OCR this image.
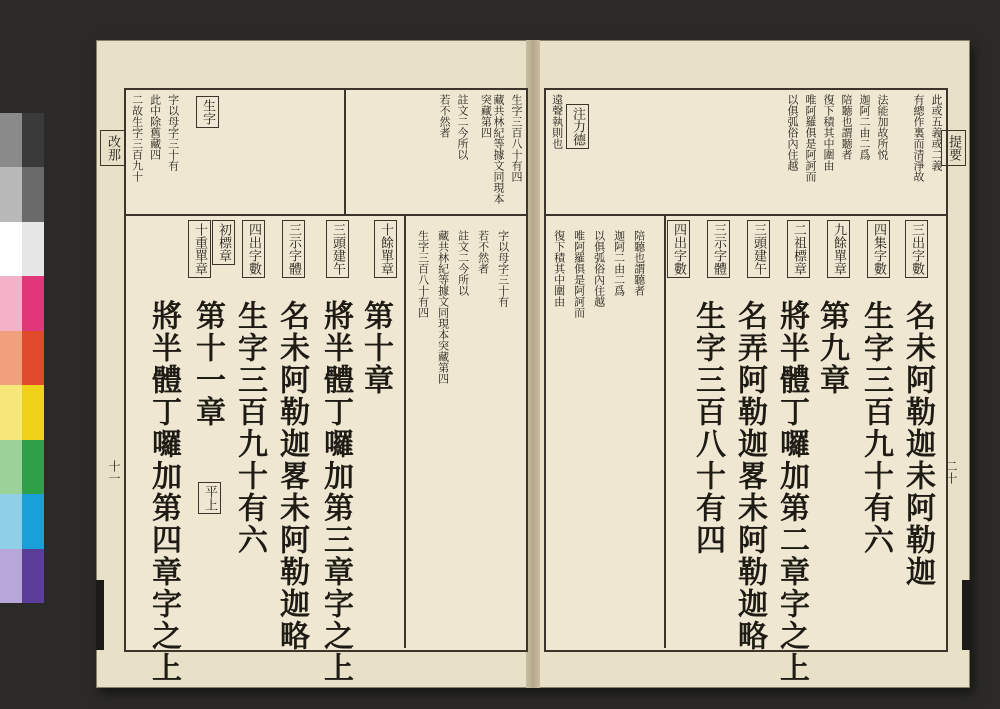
生字三百八十有四
藏共林紀等據文同現本突藏第四
二故生字三百九十 此中除舊藏四	註文二今所以
若不然者
字以母字三十有	生字
十餘單章
初標章	三頭建午
三示字體
四出字數
十重單章
第十章
將半體丁囉加第三章字之上
名未阿勒迦畧未阿勒迦略
生字三百九十有六
第十一章
將半體丁囉加第四章字之上	平上
生字三百八十有四 藏共林紀等據文同現本突藏第四 註文二今所以 若不然者 字以母字三十有
改那
十一
此或五義或二義
有總作裏而清淨故
法能加故所悦
迦阿二由二爲
陪聽也謂聽者
復下積其中圍由
唯阿羅俱是阿訶而
以俱弧俗內住越
注力德
遠聲執則也
三出字數
四集字數
九餘單章
二祖標章
三頭建午
三示字體
四出字數
名未阿勒迦未阿勒迦
生字三百九十有六
第九章
將半體丁囉加第二章字之上
名弄阿勒迦畧未阿勒迦略
生字三百八十有四
復下積其中圍由 唯阿羅俱是阿訶而 以俱弧俗內住越 迦阿二由二爲 陪聽也謂聽者
提要
二十
